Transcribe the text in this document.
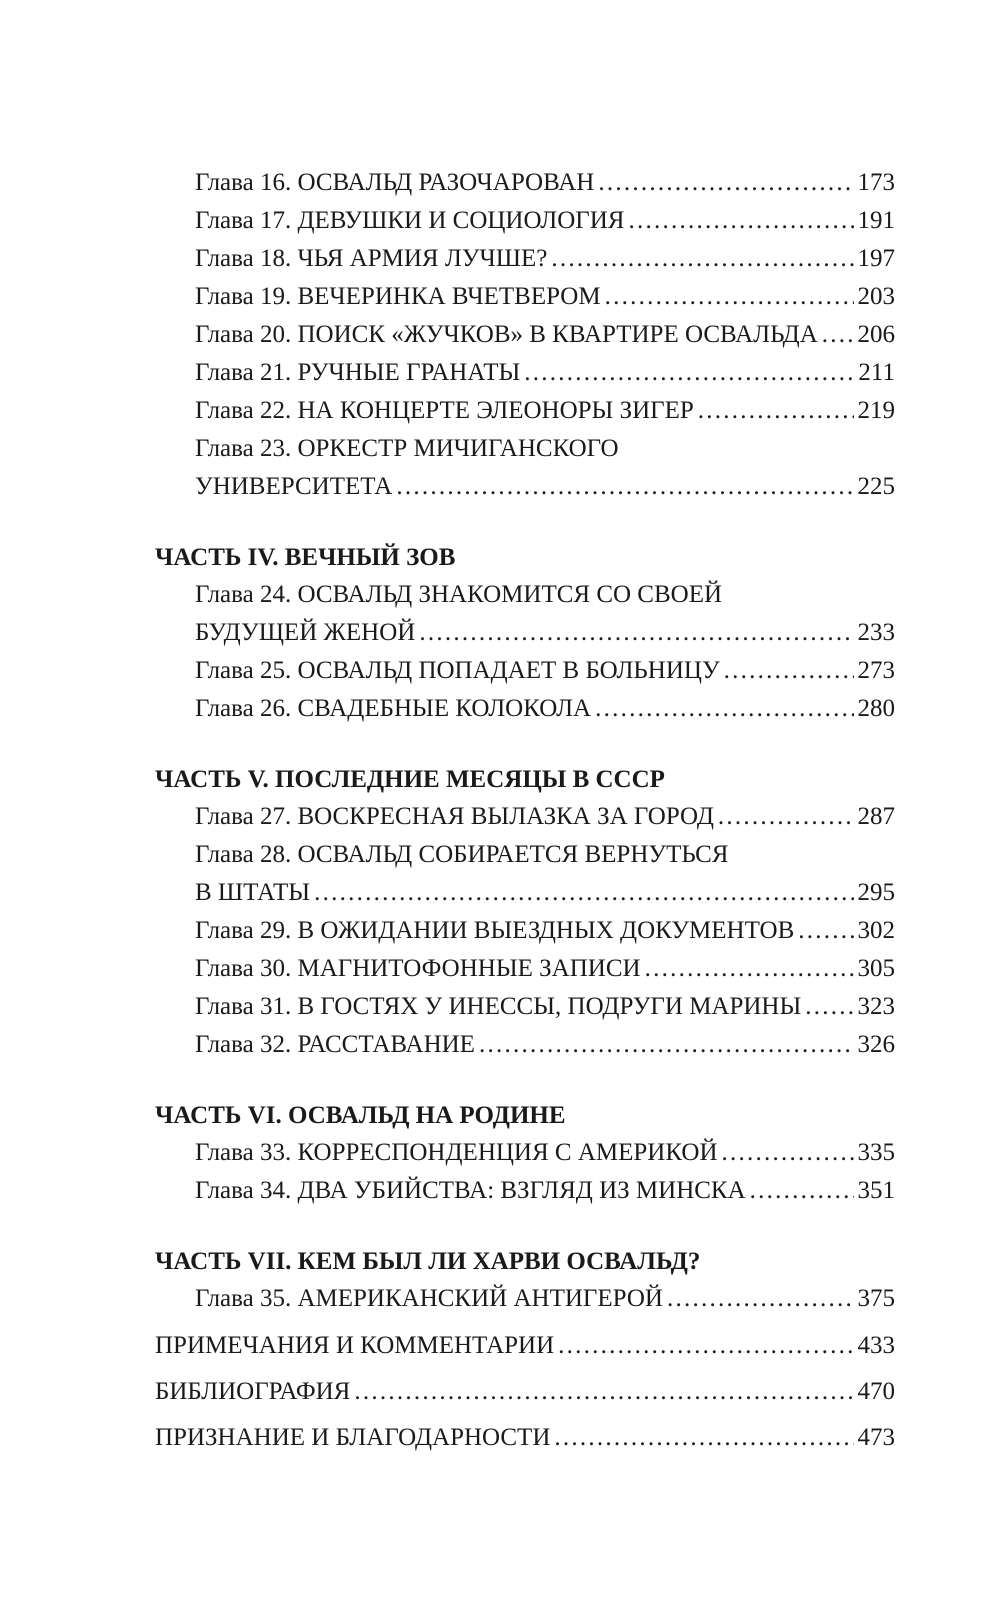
Глава 16. ОСВАЛЬД РАЗОЧАРОВАН . . .	173
Глава 17. ДЕВУШКИ И СОЦИОЛОГИЯ . . .	191
Глава 18. ЧЬЯ АРМИЯ ЛУЧШЕ? . . .	197
Глава 19. ВЕЧЕРИНКА ВЧЕТВЕРОМ . . .	203
Глава 20. ПОИСК «ЖУЧКОВ» В КВАРТИРЕ ОСВАЛЬДА . . . 206
Глава 21. РУЧНЫЕ ГРАНАТЫ . . .	211
Глава 22. НА КОНЦЕРТЕ ЭЛЕОНОРЫ ЗИГЕР . . .	219
Глава 23. ОРКЕСТР МИЧИГАНСКОГО
УНИВЕРСИТЕТА . . .	225
ЧАСТЬ IV. ВЕЧНЫЙ ЗОВ
Глава 24. ОСВАЛЬД ЗНАКОМИТСЯ СО СВОЕЙ
БУДУЩЕЙ ЖЕНОЙ . . .	233
Глава 25. ОСВАЛЬД ПОПАДАЕТ В БОЛЬНИЦУ . . .	273
Глава 26. СВАДЕБНЫЕ КОЛОКОЛА . . .	280
ЧАСТЬ V. ПОСЛЕДНИЕ МЕСЯЦЫ В СССР
Глава 27. ВОСКРЕСНАЯ ВЫЛАЗКА ЗА ГОРОД . . .	287
Глава 28. ОСВАЛЬД СОБИРАЕТСЯ ВЕРНУТЬСЯ
В ШТАТЫ . . .	295
Глава 29. В ОЖИДАНИИ ВЫЕЗДНЫХ ДОКУМЕНТОВ . . .	302
Глава 30. МАГНИТОФОННЫЕ ЗАПИСИ . . .	305
Глава 31. В ГОСТЯХ У ИНЕССЫ, ПОДРУГИ МАРИНЫ . . . 323
Глава 32. РАССТАВАНИЕ . . .	326
ЧАСТЬ VI. ОСВАЛЬД НА РОДИНЕ
Глава 33. КОРРЕСПОНДЕНЦИЯ С АМЕРИКОЙ . . .	335
Глава 34. ДВА УБИЙСТВА: ВЗГЛЯД ИЗ МИНСКА . . .	351
ЧАСТЬ VII. КЕМ БЫЛ ЛИ ХАРВИ ОСВАЛЬД?
Глава 35. АМЕРИКАНСКИЙ АНТИГЕРОЙ . . .	375
ПРИМЕЧАНИЯ И КОММЕНТАРИИ . . .	433
БИБЛИОГРАФИЯ . . .	470
ПРИЗНАНИЕ И БЛАГОДАРНОСТИ . . .	473
